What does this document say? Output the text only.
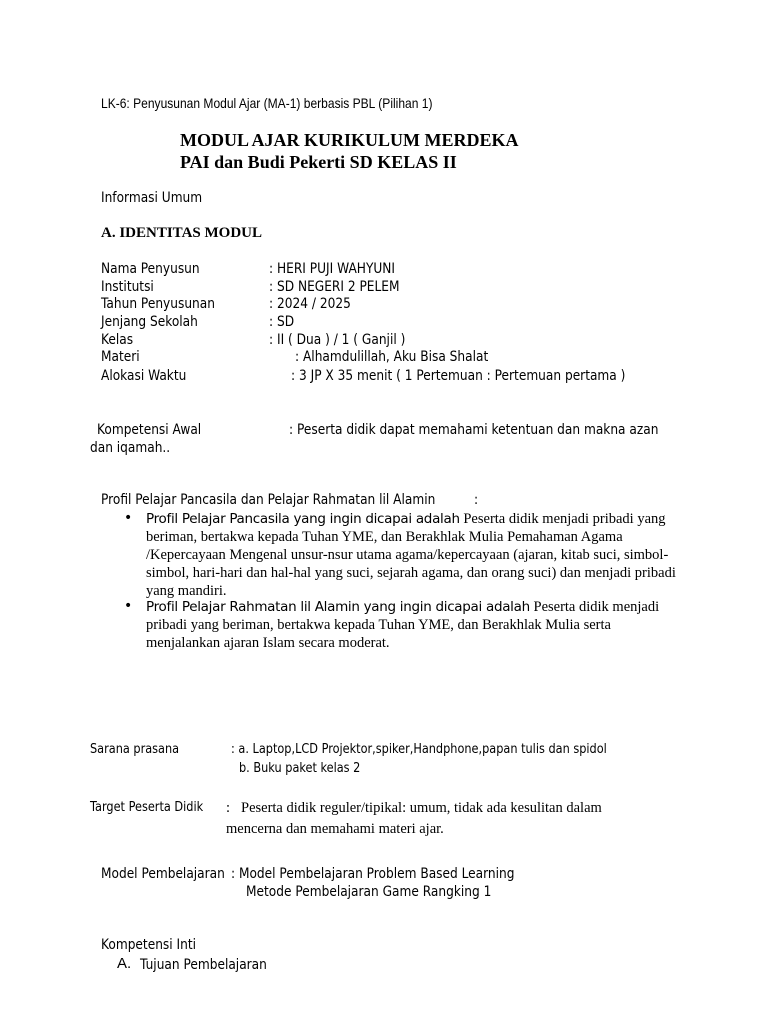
LK-6: Penyusunan Modul Ajar (MA-1) berbasis PBL (Pilihan 1)
MODUL AJAR KURIKULUM MERDEKA
PAI dan Budi Pekerti SD KELAS II
Informasi Umum
A. IDENTITAS MODUL
Nama Penyusun	: HERI PUJI WAHYUNI
Institutsi	: SD NEGERI 2 PELEM
Tahun Penyusunan	: 2024 / 2025
Jenjang Sekolah	: SD
Kelas	: II ( Dua ) / 1 ( Ganjil )
Materi	: Alhamdulillah, Aku Bisa Shalat
Alokasi Waktu	: 3 JP X 35 menit ( 1 Pertemuan : Pertemuan pertama )
Kompetensi Awal	: Peserta didik dapat memahami ketentuan dan makna azan
dan iqamah..
Profil Pelajar Pancasila dan Pelajar Rahmatan lil Alamin	:
• Profil Pelajar Pancasila yang ingin dicapai adalah Peserta didik menjadi pribadi yang beriman, bertakwa kepada Tuhan YME, dan Berakhlak Mulia Pemahaman Agama /Kepercayaan Mengenal unsur-nsur utama agama/kepercayaan (ajaran, kitab suci, simbol-simbol, hari-hari dan hal-hal yang suci, sejarah agama, dan orang suci) dan menjadi pribadi yang mandiri.
• Profil Pelajar Rahmatan lil Alamin yang ingin dicapai adalah Peserta didik menjadi pribadi yang beriman, bertakwa kepada Tuhan YME, dan Berakhlak Mulia serta menjalankan ajaran Islam secara moderat.
Sarana prasana	: a. Laptop,LCD Projektor,spiker,Handphone,papan tulis dan spidol
b. Buku paket kelas 2
Target Peserta Didik : Peserta didik reguler/tipikal: umum, tidak ada kesulitan dalam
mencerna dan memahami materi ajar.
Model Pembelajaran : Model Pembelajaran Problem Based Learning
Metode Pembelajaran Game Rangking 1
Kompetensi Inti
A. Tujuan Pembelajaran
